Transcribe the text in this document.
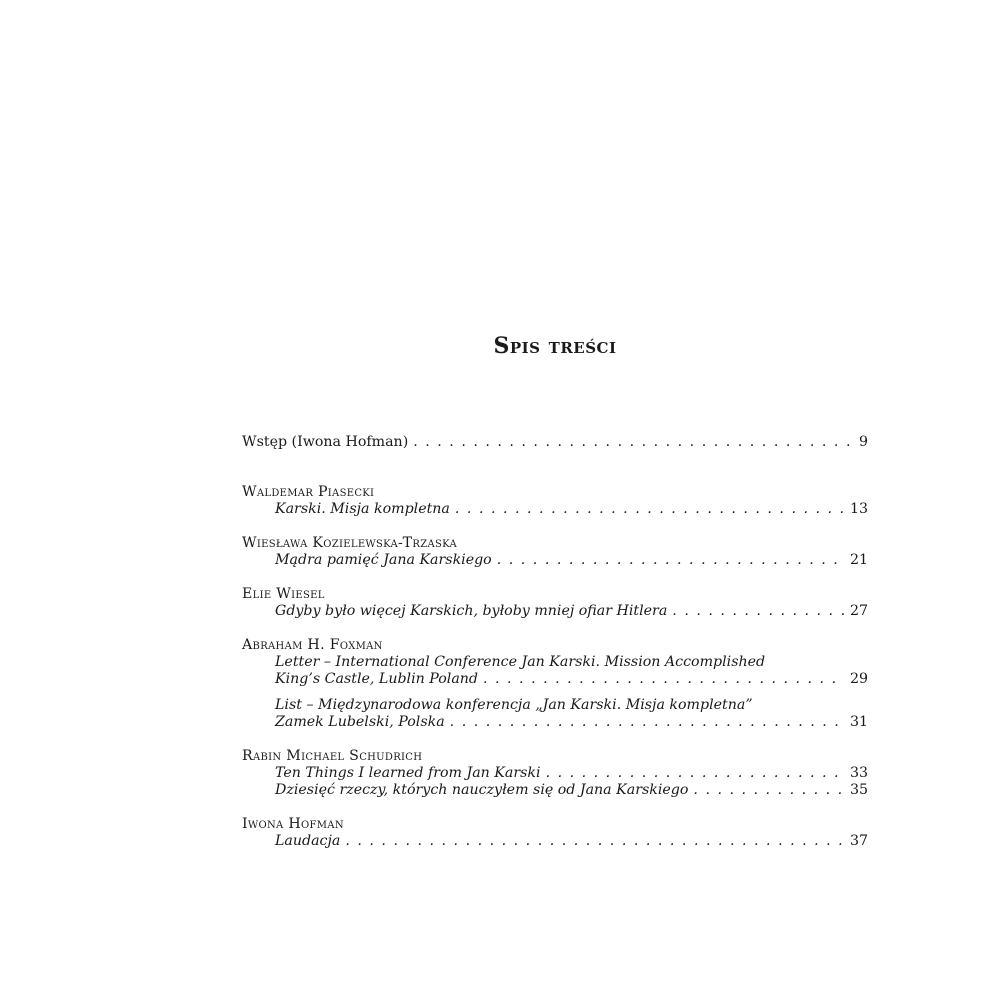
Spis treści
Wstęp (Iwona Hofman) . . .	9
Waldemar Piasecki
Karski. Misja kompletna . . .	13
Wiesława Kozielewska-Trzaska
Mądra pamięć Jana Karskiego . . .	21
Elie Wiesel
Gdyby było więcej Karskich, byłoby mniej ofiar Hitlera . . .	27
Abraham H. Foxman
Letter – International Conference Jan Karski. Mission Accomplished
King’s Castle, Lublin Poland . . .	29
List – Międzynarodowa konferencja „Jan Karski. Misja kompletna”
Zamek Lubelski, Polska . . .	31
Rabin Michael Schudrich
Ten Things I learned from Jan Karski . . .	33
Dziesięć rzeczy, których nauczyłem się od Jana Karskiego . . .	35
Iwona Hofman
Laudacja . . .	37
